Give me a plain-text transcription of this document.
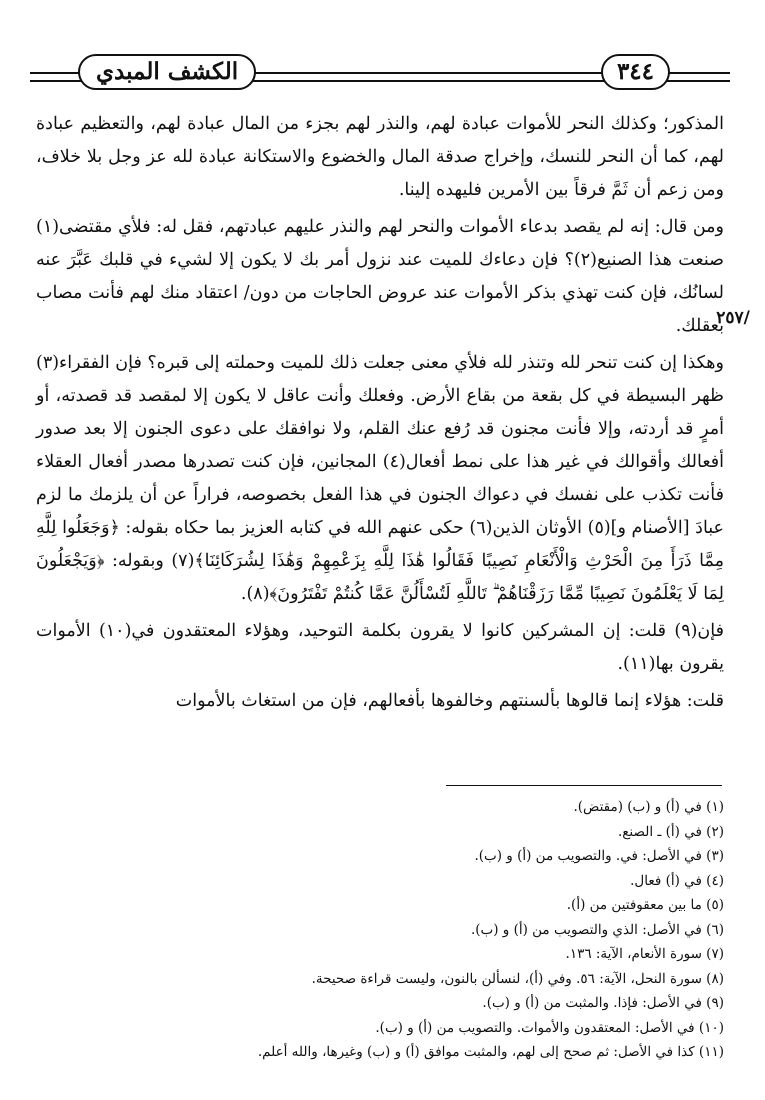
الكشف المبدي	٣٤٤

المذكور؛ وكذلك النحر للأموات عبادة لهم، والنذر لهم بجزء من المال عبادة لهم، والتعظيم عبادة لهم، كما أن النحر للنسك، وإخراج صدقة المال والخضوع والاستكانة عبادة لله عز وجل بلا خلاف، ومن زعم أن ثَمَّ فرقاً بين الأمرين فليهده إلينا.

ومن قال: إنه لم يقصد بدعاء الأموات والنحر لهم والنذر عليهم عبادتهم، فقل له: فلأي مقتضى(١) صنعت هذا الصنيع(٢)؟ فإن دعاءك للميت عند نزول أمر بك لا يكون إلا لشيء في قلبك عَبَّرَ عنه لسانُك، فإن كنت تهذي بذكر الأموات عند عروض الحاجات من دون/ اعتقاد منك لهم فأنت مصاب بعقلك.

وهكذا إن كنت تنحر لله وتنذر لله فلأي معنى جعلت ذلك للميت وحملته إلى قبره؟ فإن الفقراء(٣) ظهر البسيطة في كل بقعة من بقاع الأرض. وفعلك وأنت عاقل لا يكون إلا لمقصد قد قصدته، أو أمرٍ قد أردته، وإلا فأنت مجنون قد رُفع عنك القلم، ولا نوافقك على دعوى الجنون إلا بعد صدور أفعالك وأقوالك في غير هذا على نمط أفعال(٤) المجانين، فإن كنت تصدرها مصدر أفعال العقلاء فأنت تكذب على نفسك في دعواك الجنون في هذا الفعل بخصوصه، فراراً عن أن يلزمك ما لزم عبادَ [الأصنام و](٥) الأوثان الذين(٦) حكى عنهم الله في كتابه العزيز بما حكاه بقوله: ﴿وَجَعَلُوا لِلَّهِ مِمَّا ذَرَأَ مِنَ الْحَرْثِ وَالْأَنْعَامِ نَصِيبًا فَقَالُوا هَٰذَا لِلَّهِ بِزَعْمِهِمْ وَهَٰذَا لِشُرَكَائِنَا﴾(٧) وبقوله: ﴿وَيَجْعَلُونَ لِمَا لَا يَعْلَمُونَ نَصِيبًا مِّمَّا رَزَقْنَاهُمْ ۗ تَاللَّهِ لَتُسْأَلُنَّ عَمَّا كُنتُمْ تَفْتَرُونَ﴾(٨).

فإن(٩) قلت: إن المشركين كانوا لا يقرون بكلمة التوحيد، وهؤلاء المعتقدون في(١٠) الأموات يقرون بها(١١).

قلت: هؤلاء إنما قالوها بألسنتهم وخالفوها بأفعالهم، فإن من استغاث بالأموات

٢٥٧/

(١) في (أ) و (ب) (مقتض).

(٢) في (أ) ـ الصنع.

(٣) في الأصل: في. والتصويب من (أ) و (ب).

(٤) في (أ) فعال.

(٥) ما بين معقوفتين من (أ).

(٦) في الأصل: الذي والتصويب من (أ) و (ب).

(٧) سورة الأنعام، الآية: ١٣٦.

(٨) سورة النحل، الآية: ٥٦. وفي (أ)، لنسألن بالنون، وليست قراءة صحيحة.

(٩) في الأصل: فإذا. والمثبت من (أ) و (ب).

(١٠) في الأصل: المعتقدون والأموات. والتصويب من (أ) و (ب).

(١١) كذا في الأصل: ثم صحح إلى لهم، والمثبت موافق (أ) و (ب) وغيرها، والله أعلم.
